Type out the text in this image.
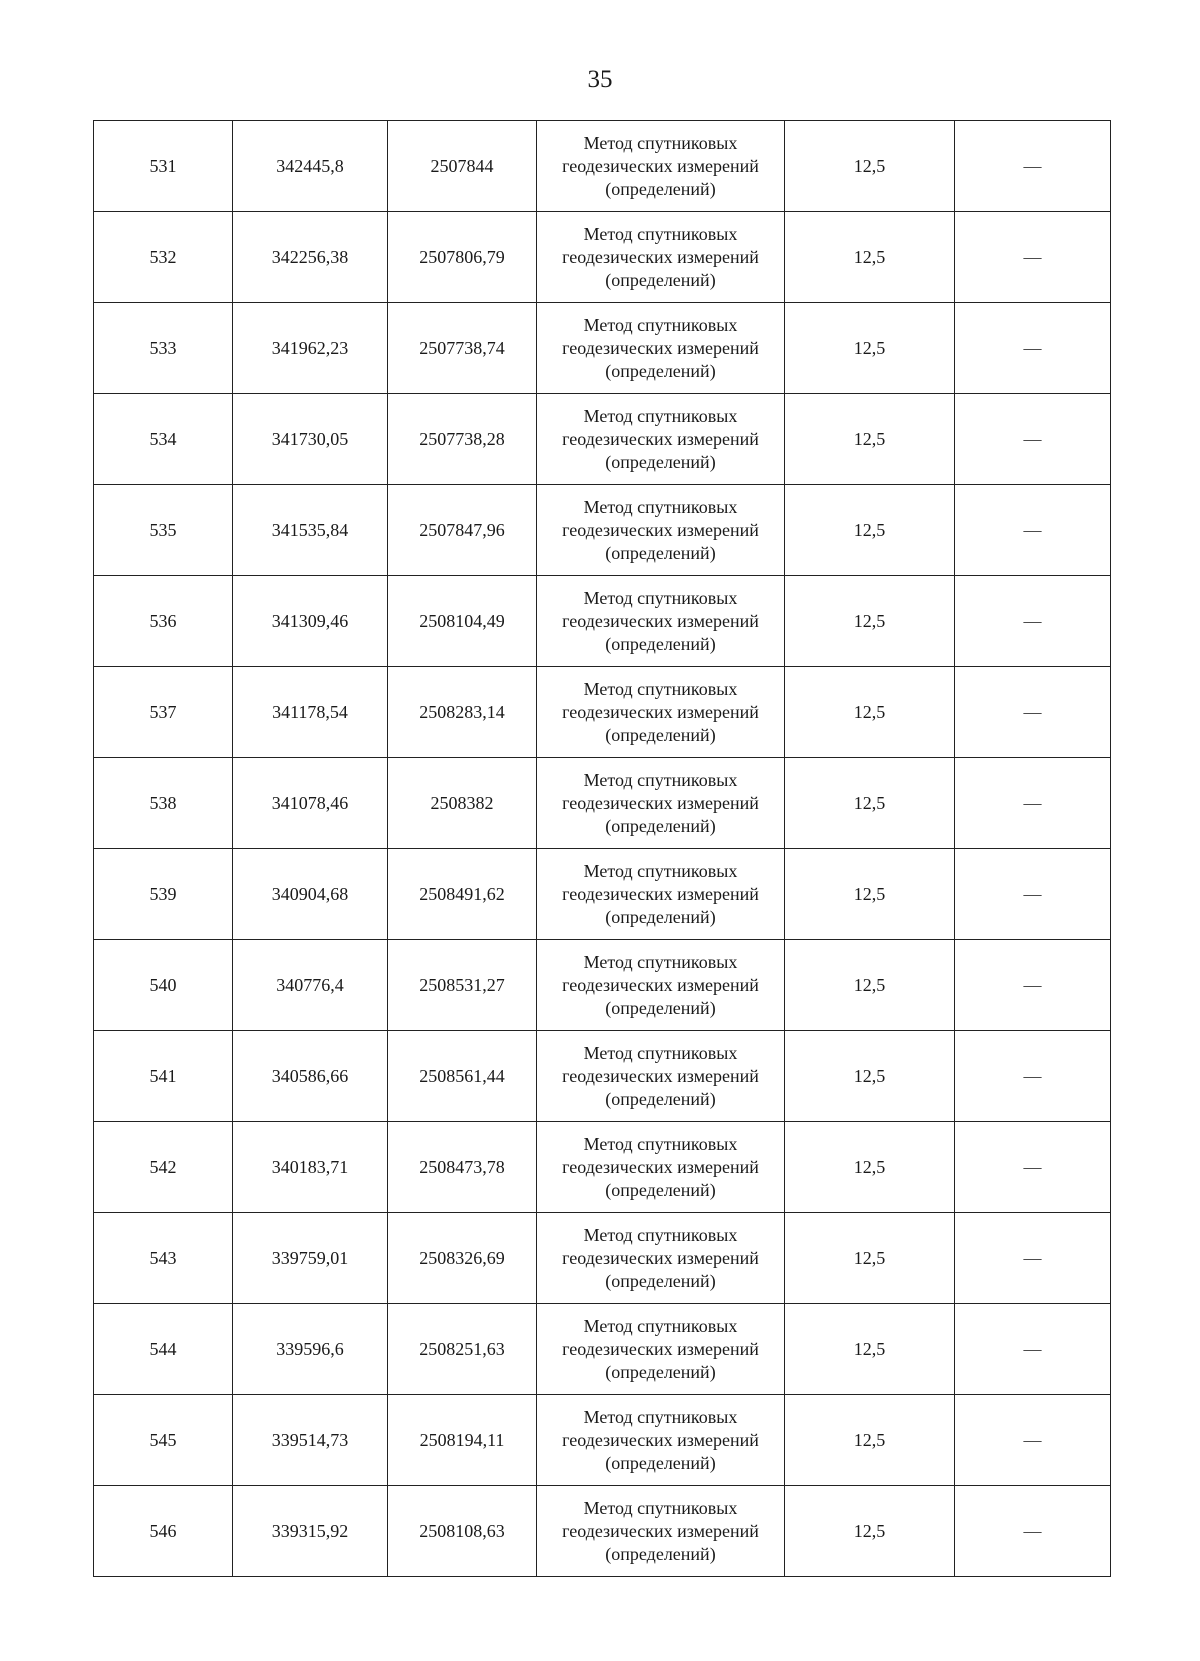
35
531	342445,8	2507844	Метод спутниковых
геодезических измерений
(определений)	12,5	—
532	342256,38	2507806,79	Метод спутниковых
геодезических измерений
(определений)	12,5	—
533	341962,23	2507738,74	Метод спутниковых
геодезических измерений
(определений)	12,5	—
534	341730,05	2507738,28	Метод спутниковых
геодезических измерений
(определений)	12,5	—
535	341535,84	2507847,96	Метод спутниковых
геодезических измерений
(определений)	12,5	—
536	341309,46	2508104,49	Метод спутниковых
геодезических измерений
(определений)	12,5	—
537	341178,54	2508283,14	Метод спутниковых
геодезических измерений
(определений)	12,5	—
538	341078,46	2508382	Метод спутниковых
геодезических измерений
(определений)	12,5	—
539	340904,68	2508491,62	Метод спутниковых
геодезических измерений
(определений)	12,5	—
540	340776,4	2508531,27	Метод спутниковых
геодезических измерений
(определений)	12,5	—
541	340586,66	2508561,44	Метод спутниковых
геодезических измерений
(определений)	12,5	—
542	340183,71	2508473,78	Метод спутниковых
геодезических измерений
(определений)	12,5	—
543	339759,01	2508326,69	Метод спутниковых
геодезических измерений
(определений)	12,5	—
544	339596,6	2508251,63	Метод спутниковых
геодезических измерений
(определений)	12,5	—
545	339514,73	2508194,11	Метод спутниковых
геодезических измерений
(определений)	12,5	—
546	339315,92	2508108,63	Метод спутниковых
геодезических измерений
(определений)	12,5	—
